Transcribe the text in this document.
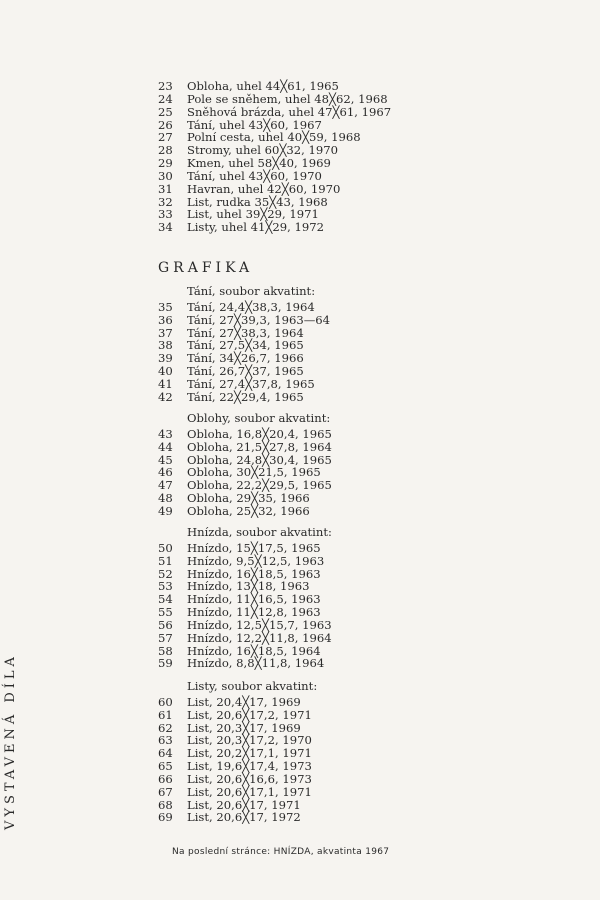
VYSTAVENÁ DÍLA
23	Obloha, uhel 44╳61, 1965
24	Pole se sněhem, uhel 48╳62, 1968
25	Sněhová brázda, uhel 47╳61, 1967
26	Tání, uhel 43╳60, 1967
27	Polní cesta, uhel 40╳59, 1968
28	Stromy, uhel 60╳32, 1970
29	Kmen, uhel 58╳40, 1969
30	Tání, uhel 43╳60, 1970
31	Havran, uhel 42╳60, 1970
32	List, rudka 35╳43, 1968
33	List, uhel 39╳29, 1971
34	Listy, uhel 41╳29, 1972
GRAFIKA
Tání, soubor akvatint:
35	Tání, 24,4╳38,3, 1964
36	Tání, 27╳39,3, 1963—64
37	Tání, 27╳38,3, 1964
38	Tání, 27,5╳34, 1965
39	Tání, 34╳26,7, 1966
40	Tání, 26,7╳37, 1965
41	Tání, 27,4╳37,8, 1965
42	Tání, 22╳29,4, 1965
Oblohy, soubor akvatint:
43	Obloha, 16,8╳20,4, 1965
44	Obloha, 21,5╳27,8, 1964
45	Obloha, 24,8╳30,4, 1965
46	Obloha, 30╳21,5, 1965
47	Obloha, 22,2╳29,5, 1965
48	Obloha, 29╳35, 1966
49	Obloha, 25╳32, 1966
Hnízda, soubor akvatint:
50	Hnízdo, 15╳17,5, 1965
51	Hnízdo, 9,5╳12,5, 1963
52	Hnízdo, 16╳18,5, 1963
53	Hnízdo, 13╳18, 1963
54	Hnízdo, 11╳16,5, 1963
55	Hnízdo, 11╳12,8, 1963
56	Hnízdo, 12,5╳15,7, 1963
57	Hnízdo, 12,2╳11,8, 1964
58	Hnízdo, 16╳18,5, 1964
59	Hnízdo, 8,8╳11,8, 1964
Listy, soubor akvatint:
60	List, 20,4╳17, 1969
61	List, 20,6╳17,2, 1971
62	List, 20,3╳17, 1969
63	List, 20,3╳17,2, 1970
64	List, 20,2╳17,1, 1971
65	List, 19,6╳17,4, 1973
66	List, 20,6╳16,6, 1973
67	List, 20,6╳17,1, 1971
68	List, 20,6╳17, 1971
69	List, 20,6╳17, 1972
Na poslední stránce: HNÍZDA, akvatinta 1967
